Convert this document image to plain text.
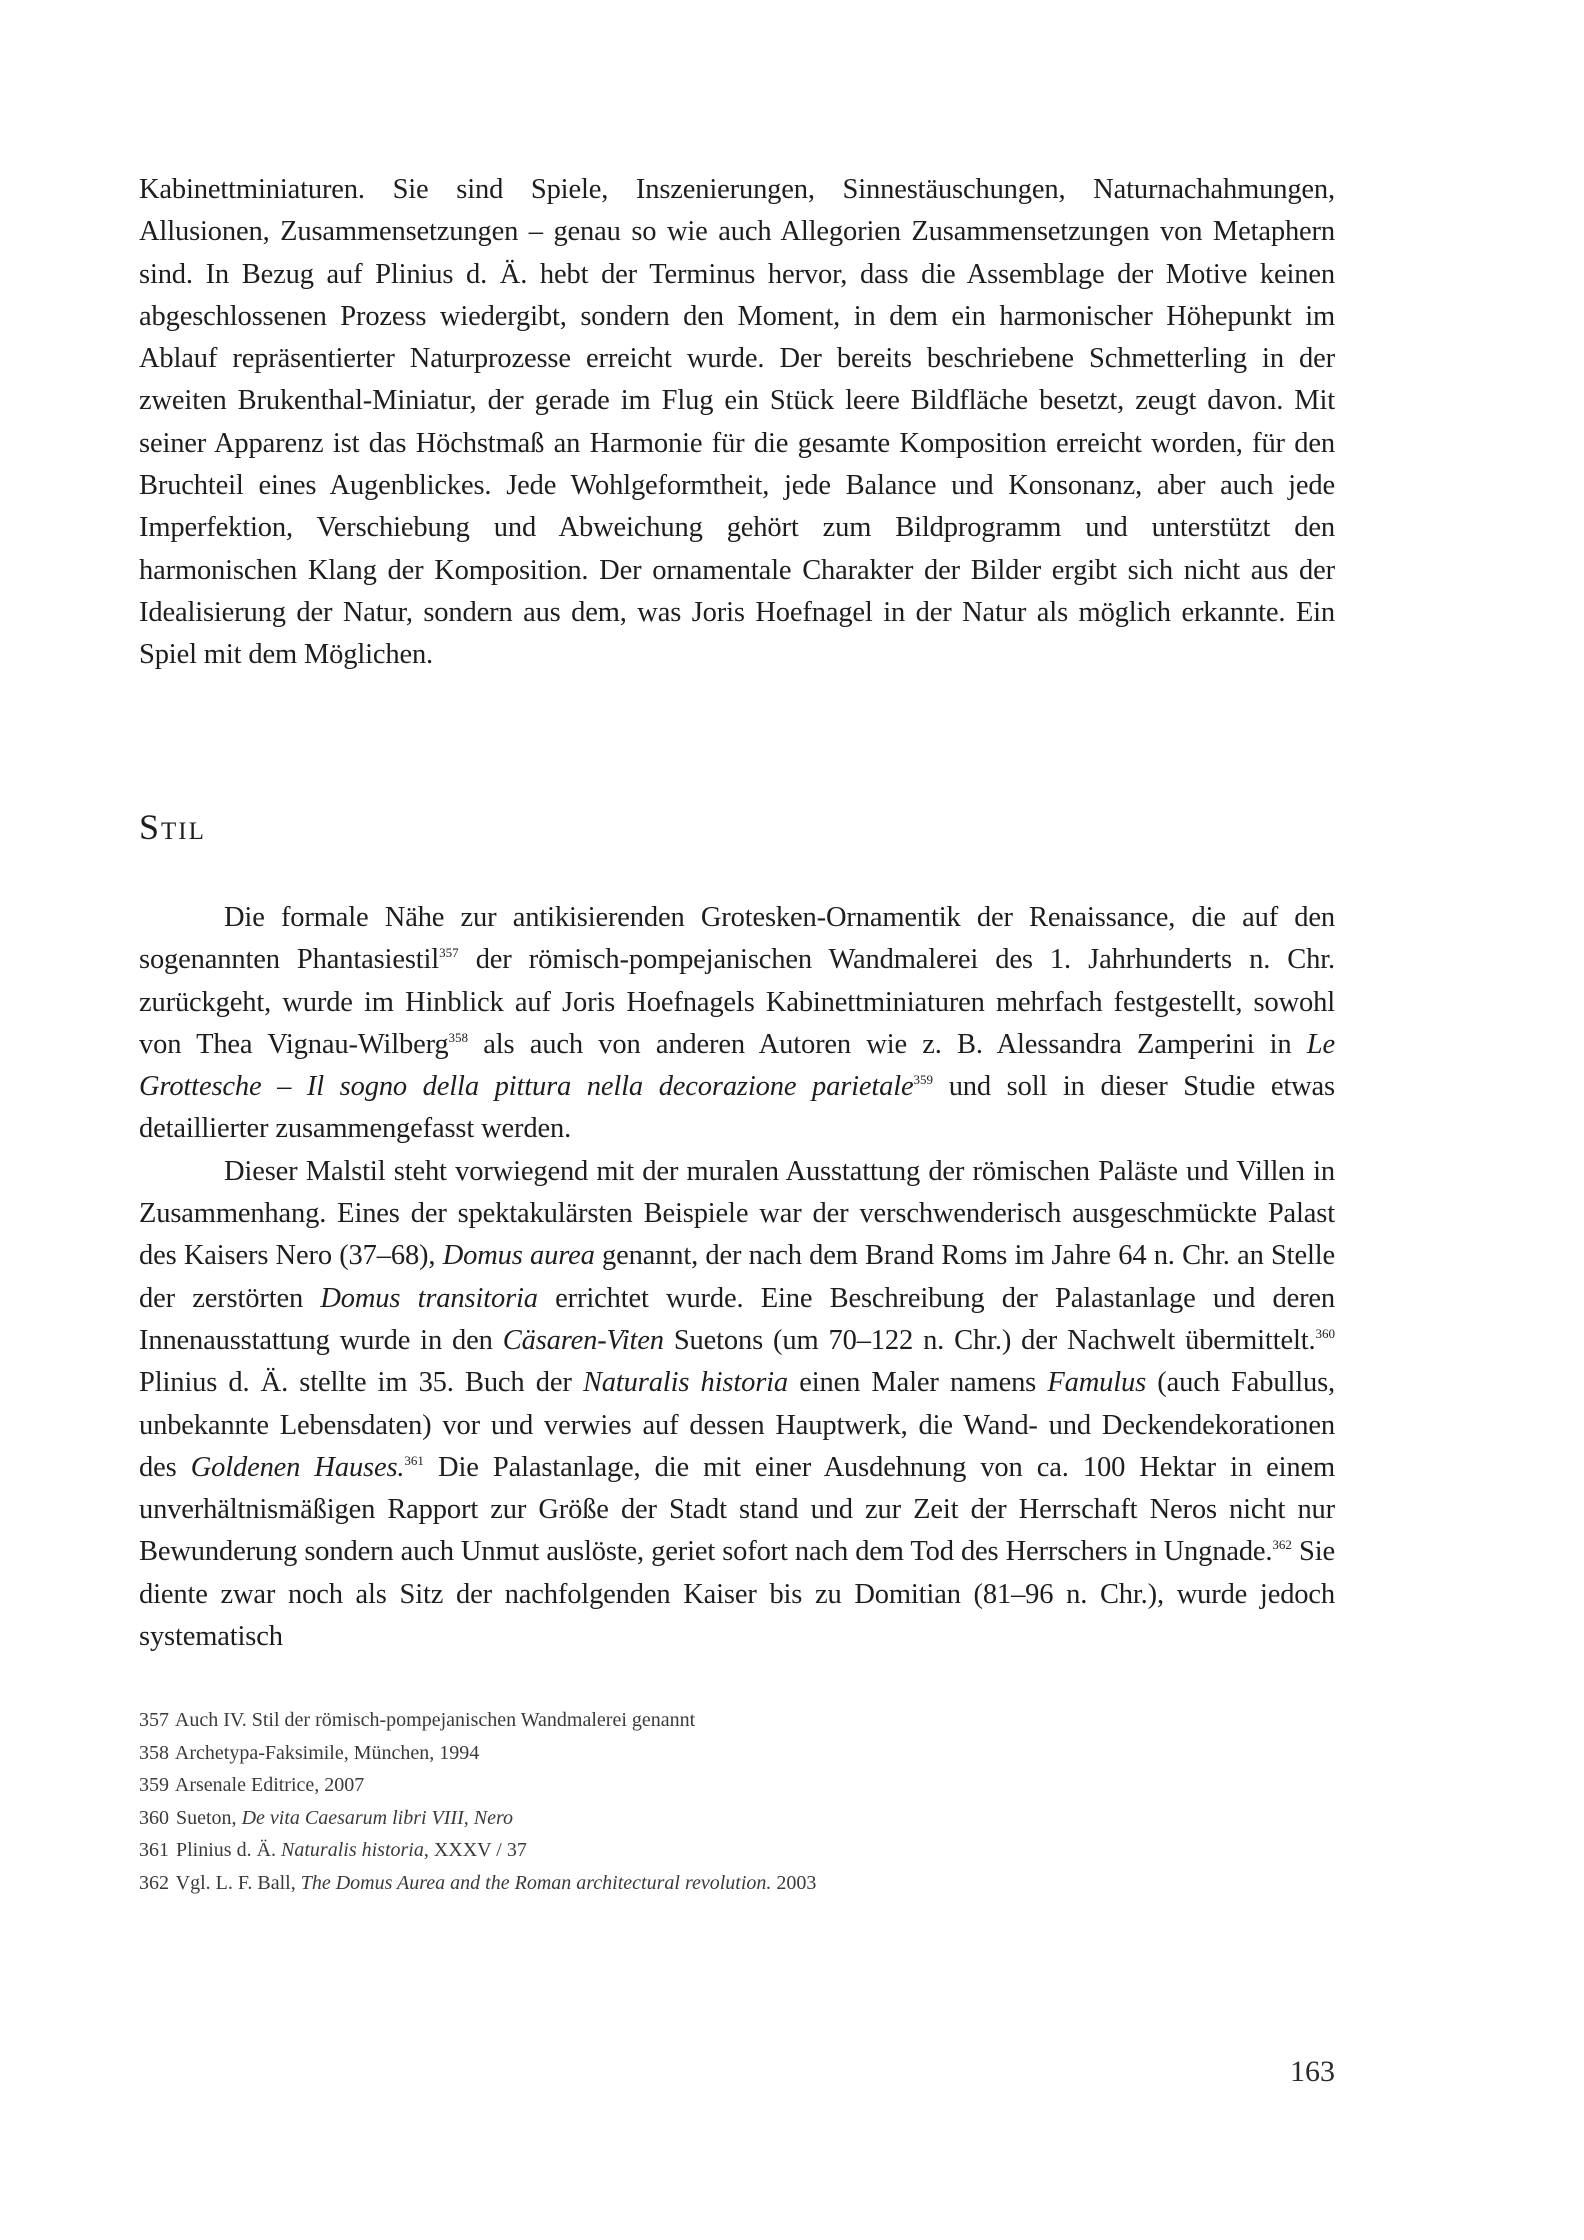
Kabinettminiaturen. Sie sind Spiele, Inszenierungen, Sinnestäuschungen, Naturnachahmungen, Allusionen, Zusammensetzungen – genau so wie auch Allegorien Zusammensetzungen von Metaphern sind. In Bezug auf Plinius d. Ä. hebt der Terminus hervor, dass die Assemblage der Motive keinen abgeschlossenen Prozess wiedergibt, sondern den Moment, in dem ein harmonischer Höhepunkt im Ablauf repräsentierter Naturprozesse erreicht wurde. Der bereits beschriebene Schmetterling in der zweiten Brukenthal-Miniatur, der gerade im Flug ein Stück leere Bildfläche besetzt, zeugt davon. Mit seiner Apparenz ist das Höchstmaß an Harmonie für die gesamte Komposition erreicht worden, für den Bruchteil eines Augenblickes. Jede Wohlgeformtheit, jede Balance und Konsonanz, aber auch jede Imperfektion, Verschiebung und Abweichung gehört zum Bildprogramm und unterstützt den harmonischen Klang der Komposition. Der ornamentale Charakter der Bilder ergibt sich nicht aus der Idealisierung der Natur, sondern aus dem, was Joris Hoefnagel in der Natur als möglich erkannte. Ein Spiel mit dem Möglichen.

Stil

Die formale Nähe zur antikisierenden Grotesken-Ornamentik der Renaissance, die auf den sogenannten Phantasiestil$^{357}$ der römisch-pompejanischen Wandmalerei des 1. Jahrhunderts n. Chr. zurückgeht, wurde im Hinblick auf Joris Hoefnagels Kabinettminiaturen mehrfach festgestellt, sowohl von Thea Vignau-Wilberg$^{358}$ als auch von anderen Autoren wie z. B. Alessandra Zamperini in Le Grottesche – Il sogno della pittura nella decorazione parietale$^{359}$ und soll in dieser Studie etwas detaillierter zusammengefasst werden.

Dieser Malstil steht vorwiegend mit der muralen Ausstattung der römischen Paläste und Villen in Zusammenhang. Eines der spektakulärsten Beispiele war der verschwenderisch ausgeschmückte Palast des Kaisers Nero (37–68), Domus aurea genannt, der nach dem Brand Roms im Jahre 64 n. Chr. an Stelle der zerstörten Domus transitoria errichtet wurde. Eine Beschreibung der Palastanlage und deren Innenausstattung wurde in den Cäsaren-Viten Suetons (um 70–122 n. Chr.) der Nachwelt übermittelt.$^{360}$ Plinius d. Ä. stellte im 35. Buch der Naturalis historia einen Maler namens Famulus (auch Fabullus, unbekannte Lebensdaten) vor und verwies auf dessen Hauptwerk, die Wand- und Deckendekorationen des Goldenen Hauses.$^{361}$ Die Palastanlage, die mit einer Ausdehnung von ca. 100 Hektar in einem unverhältnismäßigen Rapport zur Größe der Stadt stand und zur Zeit der Herrschaft Neros nicht nur Bewunderung sondern auch Unmut auslöste, geriet sofort nach dem Tod des Herrschers in Ungnade.$^{362}$ Sie diente zwar noch als Sitz der nachfolgenden Kaiser bis zu Domitian (81–96 n. Chr.), wurde jedoch systematisch

357 Auch IV. Stil der römisch-pompejanischen Wandmalerei genannt
358 Archetypa-Faksimile, München, 1994
359 Arsenale Editrice, 2007
360 Sueton, De vita Caesarum libri VIII, Nero
361 Plinius d. Ä. Naturalis historia, XXXV / 37
362 Vgl. L. F. Ball, The Domus Aurea and the Roman architectural revolution. 2003
163
